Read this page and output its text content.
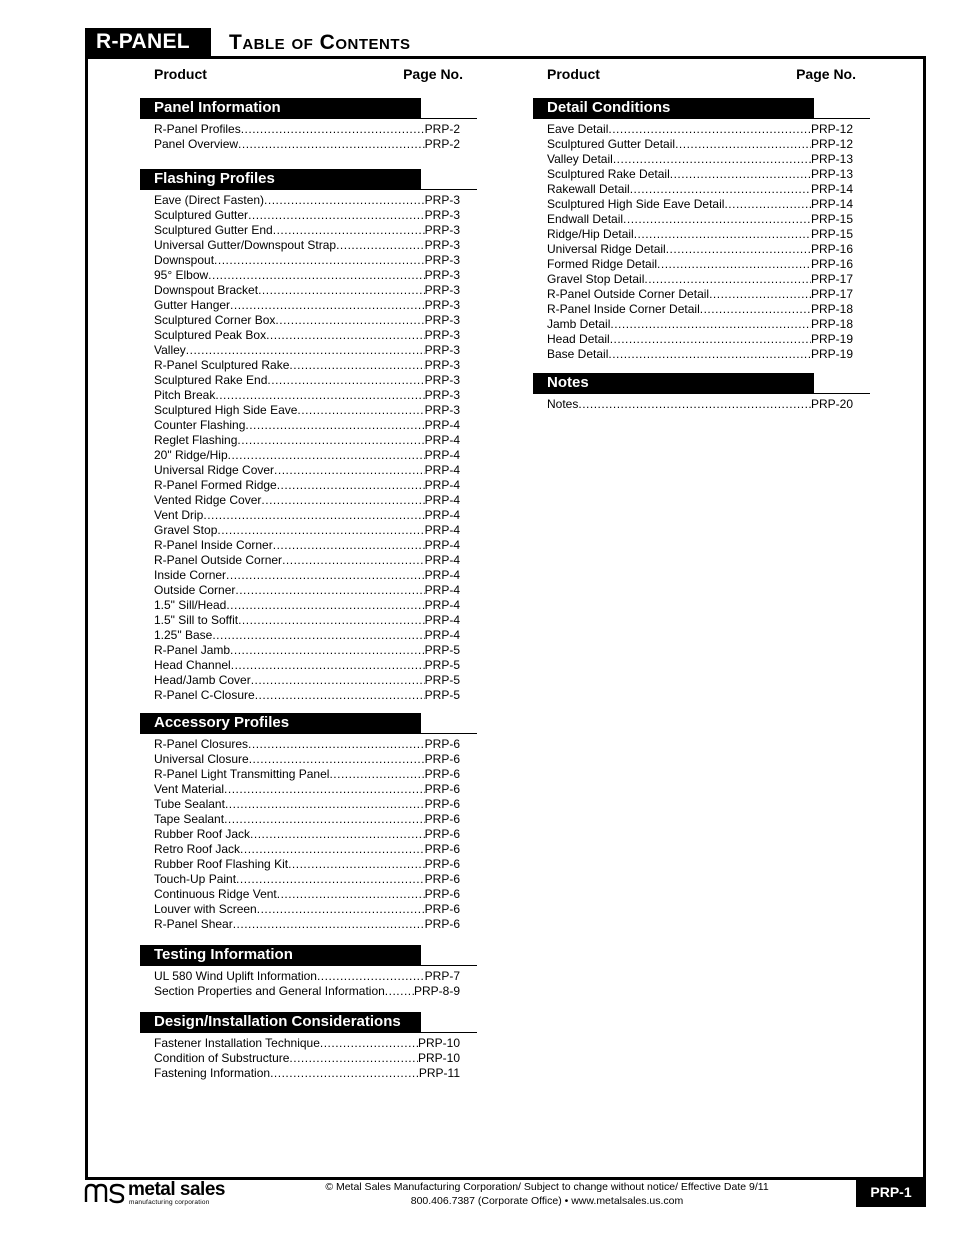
R-PANEL	Table of Contents
Product	Page No.
Panel Information
R-Panel Profiles .....	PRP-2
Panel Overview .....	PRP-2
Flashing Profiles
Eave (Direct Fasten) .....	PRP-3
Sculptured Gutter .....	PRP-3
Sculptured Gutter End .....	PRP-3
Universal Gutter/Downspout Strap .....	PRP-3
Downspout .....	PRP-3
95° Elbow .....	PRP-3
Downspout Bracket .....	PRP-3
Gutter Hanger .....	PRP-3
Sculptured Corner Box .....	PRP-3
Sculptured Peak Box .....	PRP-3
Valley .....	PRP-3
R-Panel Sculptured Rake .....	PRP-3
Sculptured Rake End .....	PRP-3
Pitch Break .....	PRP-3
Sculptured High Side Eave .....	PRP-3
Counter Flashing .....	PRP-4
Reglet Flashing .....	PRP-4
20" Ridge/Hip .....	PRP-4
Universal Ridge Cover .....	PRP-4
R-Panel Formed Ridge .....	PRP-4
Vented Ridge Cover .....	PRP-4
Vent Drip .....	PRP-4
Gravel Stop .....	PRP-4
R-Panel Inside Corner .....	PRP-4
R-Panel Outside Corner .....	PRP-4
Inside Corner .....	PRP-4
Outside Corner .....	PRP-4
1.5" Sill/Head .....	PRP-4
1.5" Sill to Soffit .....	PRP-4
1.25" Base .....	PRP-4
R-Panel Jamb .....	PRP-5
Head Channel .....	PRP-5
Head/Jamb Cover .....	PRP-5
R-Panel C-Closure .....	PRP-5
Accessory Profiles
R-Panel Closures .....	PRP-6
Universal Closure .....	PRP-6
R-Panel Light Transmitting Panel .....	PRP-6
Vent Material .....	PRP-6
Tube Sealant .....	PRP-6
Tape Sealant .....	PRP-6
Rubber Roof Jack .....	PRP-6
Retro Roof Jack .....	PRP-6
Rubber Roof Flashing Kit .....	PRP-6
Touch-Up Paint .....	PRP-6
Continuous Ridge Vent .....	PRP-6
Louver with Screen .....	PRP-6
R-Panel Shear .....	PRP-6
Testing Information
UL 580 Wind Uplift Information .....	PRP-7
Section Properties and General Information ..... PRP-8-9
Design/Installation Considerations
Fastener Installation Technique .....	PRP-10
Condition of Substructure .....	PRP-10
Fastening Information .....	PRP-11
Product	Page No.
Detail Conditions
Eave Detail .....	PRP-12
Sculptured Gutter Detail .....	PRP-12
Valley Detail .....	PRP-13
Sculptured Rake Detail .....	PRP-13
Rakewall Detail .....	PRP-14
Sculptured High Side Eave Detail .....	PRP-14
Endwall Detail .....	PRP-15
Ridge/Hip Detail .....	PRP-15
Universal Ridge Detail .....	PRP-16
Formed Ridge Detail .....	PRP-16
Gravel Stop Detail .....	PRP-17
R-Panel Outside Corner Detail .....	PRP-17
R-Panel Inside Corner Detail .....	PRP-18
Jamb Detail .....	PRP-18
Head Detail .....	PRP-19
Base Detail .....	PRP-19
Notes
Notes .....	PRP-20
metal sales
manufacturing corporation
© Metal Sales Manufacturing Corporation/ Subject to change without notice/ Effective Date 9/11
800.406.7387 (Corporate Office) • www.metalsales.us.com
PRP-1
